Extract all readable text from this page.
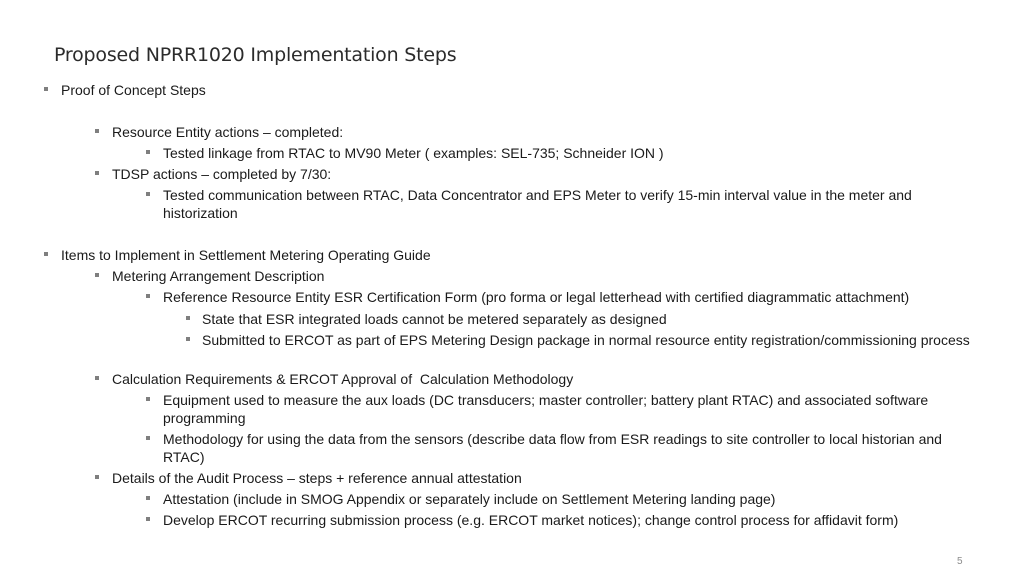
Proposed NPRR1020 Implementation Steps
Proof of Concept Steps
Resource Entity actions – completed:
Tested linkage from RTAC to MV90 Meter ( examples: SEL-735; Schneider ION )
TDSP actions – completed by 7/30:
Tested communication between RTAC, Data Concentrator and EPS Meter to verify 15-min interval value in the meter and historization
Items to Implement in Settlement Metering Operating Guide
Metering Arrangement Description
Reference Resource Entity ESR Certification Form (pro forma or legal letterhead with certified diagrammatic attachment)
State that ESR integrated loads cannot be metered separately as designed
Submitted to ERCOT as part of EPS Metering Design package in normal resource entity registration/commissioning process
Calculation Requirements & ERCOT Approval of  Calculation Methodology
Equipment used to measure the aux loads (DC transducers; master controller; battery plant RTAC) and associated software programming
Methodology for using the data from the sensors (describe data flow from ESR readings to site controller to local historian and RTAC)
Details of the Audit Process – steps + reference annual attestation
Attestation (include in SMOG Appendix or separately include on Settlement Metering landing page)
Develop ERCOT recurring submission process (e.g. ERCOT market notices); change control process for affidavit form)
5
